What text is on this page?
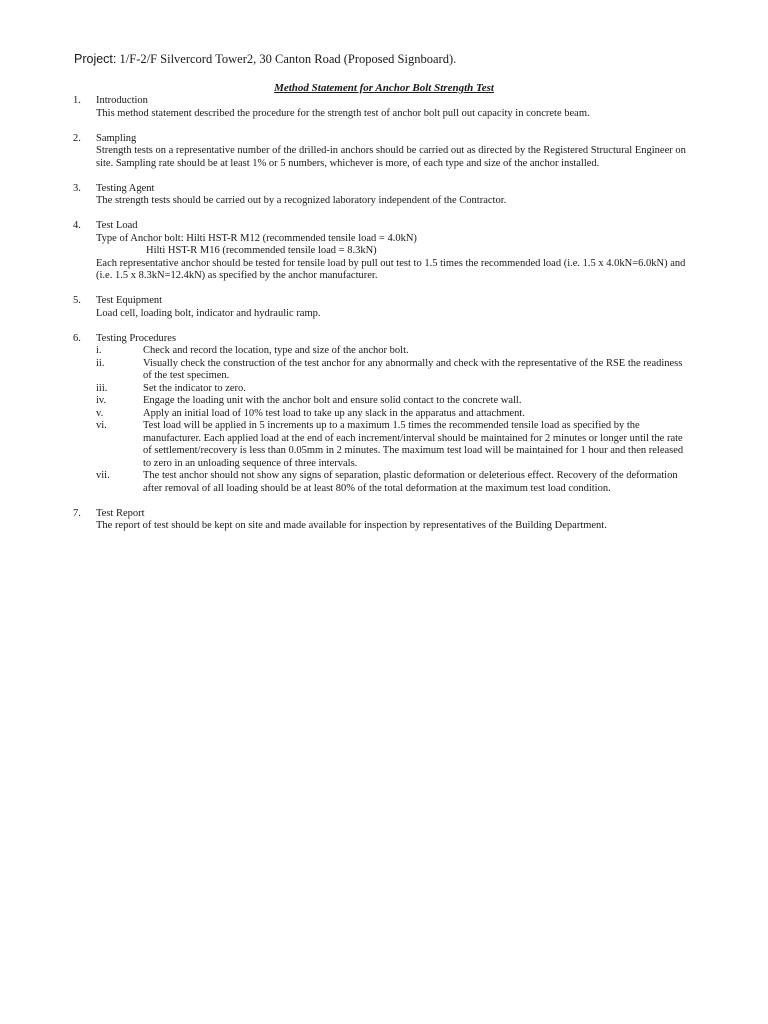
Project: 1/F-2/F Silvercord Tower2, 30 Canton Road (Proposed Signboard).
Method Statement for Anchor Bolt Strength Test
1.	Introduction
This method statement described the procedure for the strength test of anchor bolt pull out capacity in concrete beam.
2.	Sampling
Strength tests on a representative number of the drilled-in anchors should be carried out as directed by the Registered Structural Engineer on site. Sampling rate should be at least 1% or 5 numbers, whichever is more, of each type and size of the anchor installed.
3.	Testing Agent
The strength tests should be carried out by a recognized laboratory independent of the Contractor.
4.	Test Load
Type of Anchor bolt: Hilti HST-R M12 (recommended tensile load = 4.0kN)
Hilti HST-R M16 (recommended tensile load = 8.3kN)
Each representative anchor should be tested for tensile load by pull out test to 1.5 times the recommended load (i.e. 1.5 x 4.0kN=6.0kN) and (i.e. 1.5 x 8.3kN=12.4kN) as specified by the anchor manufacturer.
5.	Test Equipment
Load cell, loading bolt, indicator and hydraulic ramp.
6.	Testing Procedures
i.	Check and record the location, type and size of the anchor bolt.
ii.	Visually check the construction of the test anchor for any abnormally and check with the representative of the RSE the readiness of the test specimen.
iii.	Set the indicator to zero.
iv.	Engage the loading unit with the anchor bolt and ensure solid contact to the concrete wall.
v.	Apply an initial load of 10% test load to take up any slack in the apparatus and attachment.
vi.	Test load will be applied in 5 increments up to a maximum 1.5 times the recommended tensile load as specified by the manufacturer. Each applied load at the end of each increment/interval should be maintained for 2 minutes or longer until the rate of settlement/recovery is less than 0.05mm in 2 minutes. The maximum test load will be maintained for 1 hour and then released to zero in an unloading sequence of three intervals.
vii.	The test anchor should not show any signs of separation, plastic deformation or deleterious effect. Recovery of the deformation after removal of all loading should be at least 80% of the total deformation at the maximum test load condition.
7.	Test Report
The report of test should be kept on site and made available for inspection by representatives of the Building Department.
